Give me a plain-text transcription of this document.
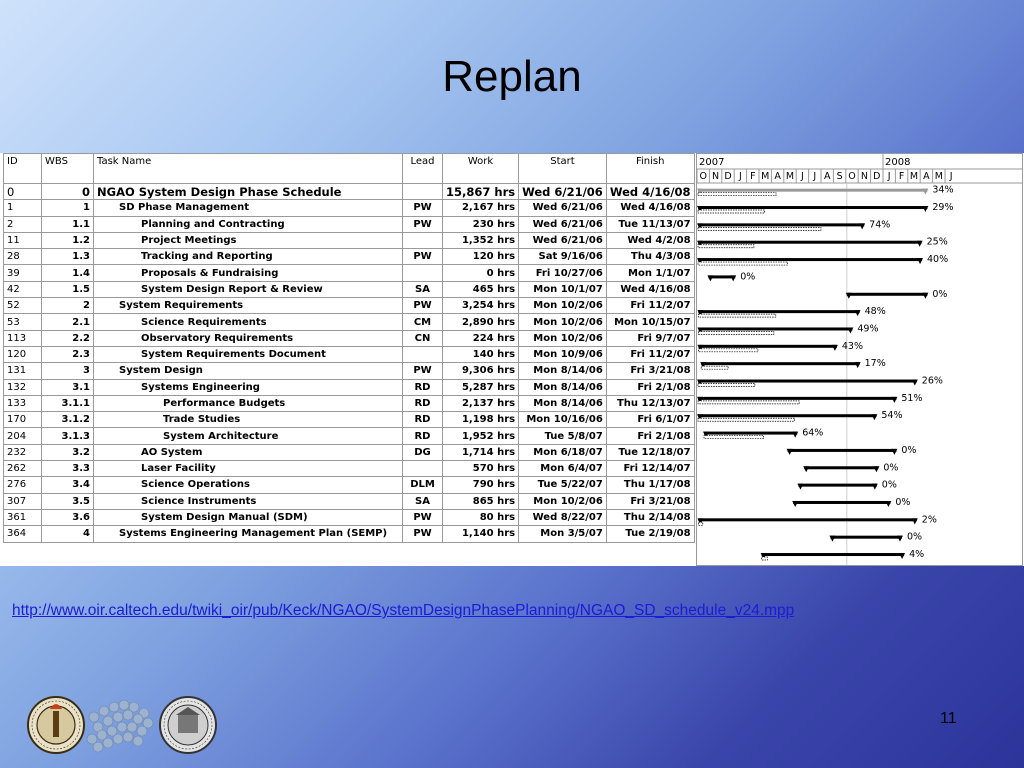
Replan
ID	WBS	Task Name	Lead	Work	Start	Finish
0	0	NGAO System Design Phase Schedule		15,867 hrs	Wed 6/21/06	Wed 4/16/08
1	1	SD Phase Management	PW	2,167 hrs	Wed 6/21/06	Wed 4/16/08
2	1.1	Planning and Contracting	PW	230 hrs	Wed 6/21/06	Tue 11/13/07
11	1.2	Project Meetings		1,352 hrs	Wed 6/21/06	Wed 4/2/08
28	1.3	Tracking and Reporting	PW	120 hrs	Sat 9/16/06	Thu 4/3/08
39	1.4	Proposals & Fundraising		0 hrs	Fri 10/27/06	Mon 1/1/07
42	1.5	System Design Report & Review	SA	465 hrs	Mon 10/1/07	Wed 4/16/08
52	2	System Requirements	PW	3,254 hrs	Mon 10/2/06	Fri 11/2/07
53	2.1	Science Requirements	CM	2,890 hrs	Mon 10/2/06	Mon 10/15/07
113	2.2	Observatory Requirements	CN	224 hrs	Mon 10/2/06	Fri 9/7/07
120	2.3	System Requirements Document		140 hrs	Mon 10/9/06	Fri 11/2/07
131	3	System Design	PW	9,306 hrs	Mon 8/14/06	Fri 3/21/08
132	3.1	Systems Engineering	RD	5,287 hrs	Mon 8/14/06	Fri 2/1/08
133	3.1.1	Performance Budgets	RD	2,137 hrs	Mon 8/14/06	Thu 12/13/07
170	3.1.2	Trade Studies	RD	1,198 hrs	Mon 10/16/06	Fri 6/1/07
204	3.1.3	System Architecture	RD	1,952 hrs	Tue 5/8/07	Fri 2/1/08
232	3.2	AO System	DG	1,714 hrs	Mon 6/18/07	Tue 12/18/07
262	3.3	Laser Facility		570 hrs	Mon 6/4/07	Fri 12/14/07
276	3.4	Science Operations	DLM	790 hrs	Tue 5/22/07	Thu 1/17/08
307	3.5	Science Instruments	SA	865 hrs	Mon 10/2/06	Fri 3/21/08
361	3.6	System Design Manual (SDM)	PW	80 hrs	Wed 8/22/07	Thu 2/14/08
364	4	Systems Engineering Management Plan (SEMP)	PW	1,140 hrs	Mon 3/5/07	Tue 2/19/08
2007	2008
O N D J F M A M J J A S O N D J F M A M J
34%
29%
74%
25%
40%
0%
0%
48%
49%
43%
17%
26%
51%
54%
64%
0%
0%
0%
0%
2%
0%
4%
http://www.oir.caltech.edu/twiki_oir/pub/Keck/NGAO/SystemDesignPhasePlanning/NGAO_SD_schedule_v24.mpp
11
